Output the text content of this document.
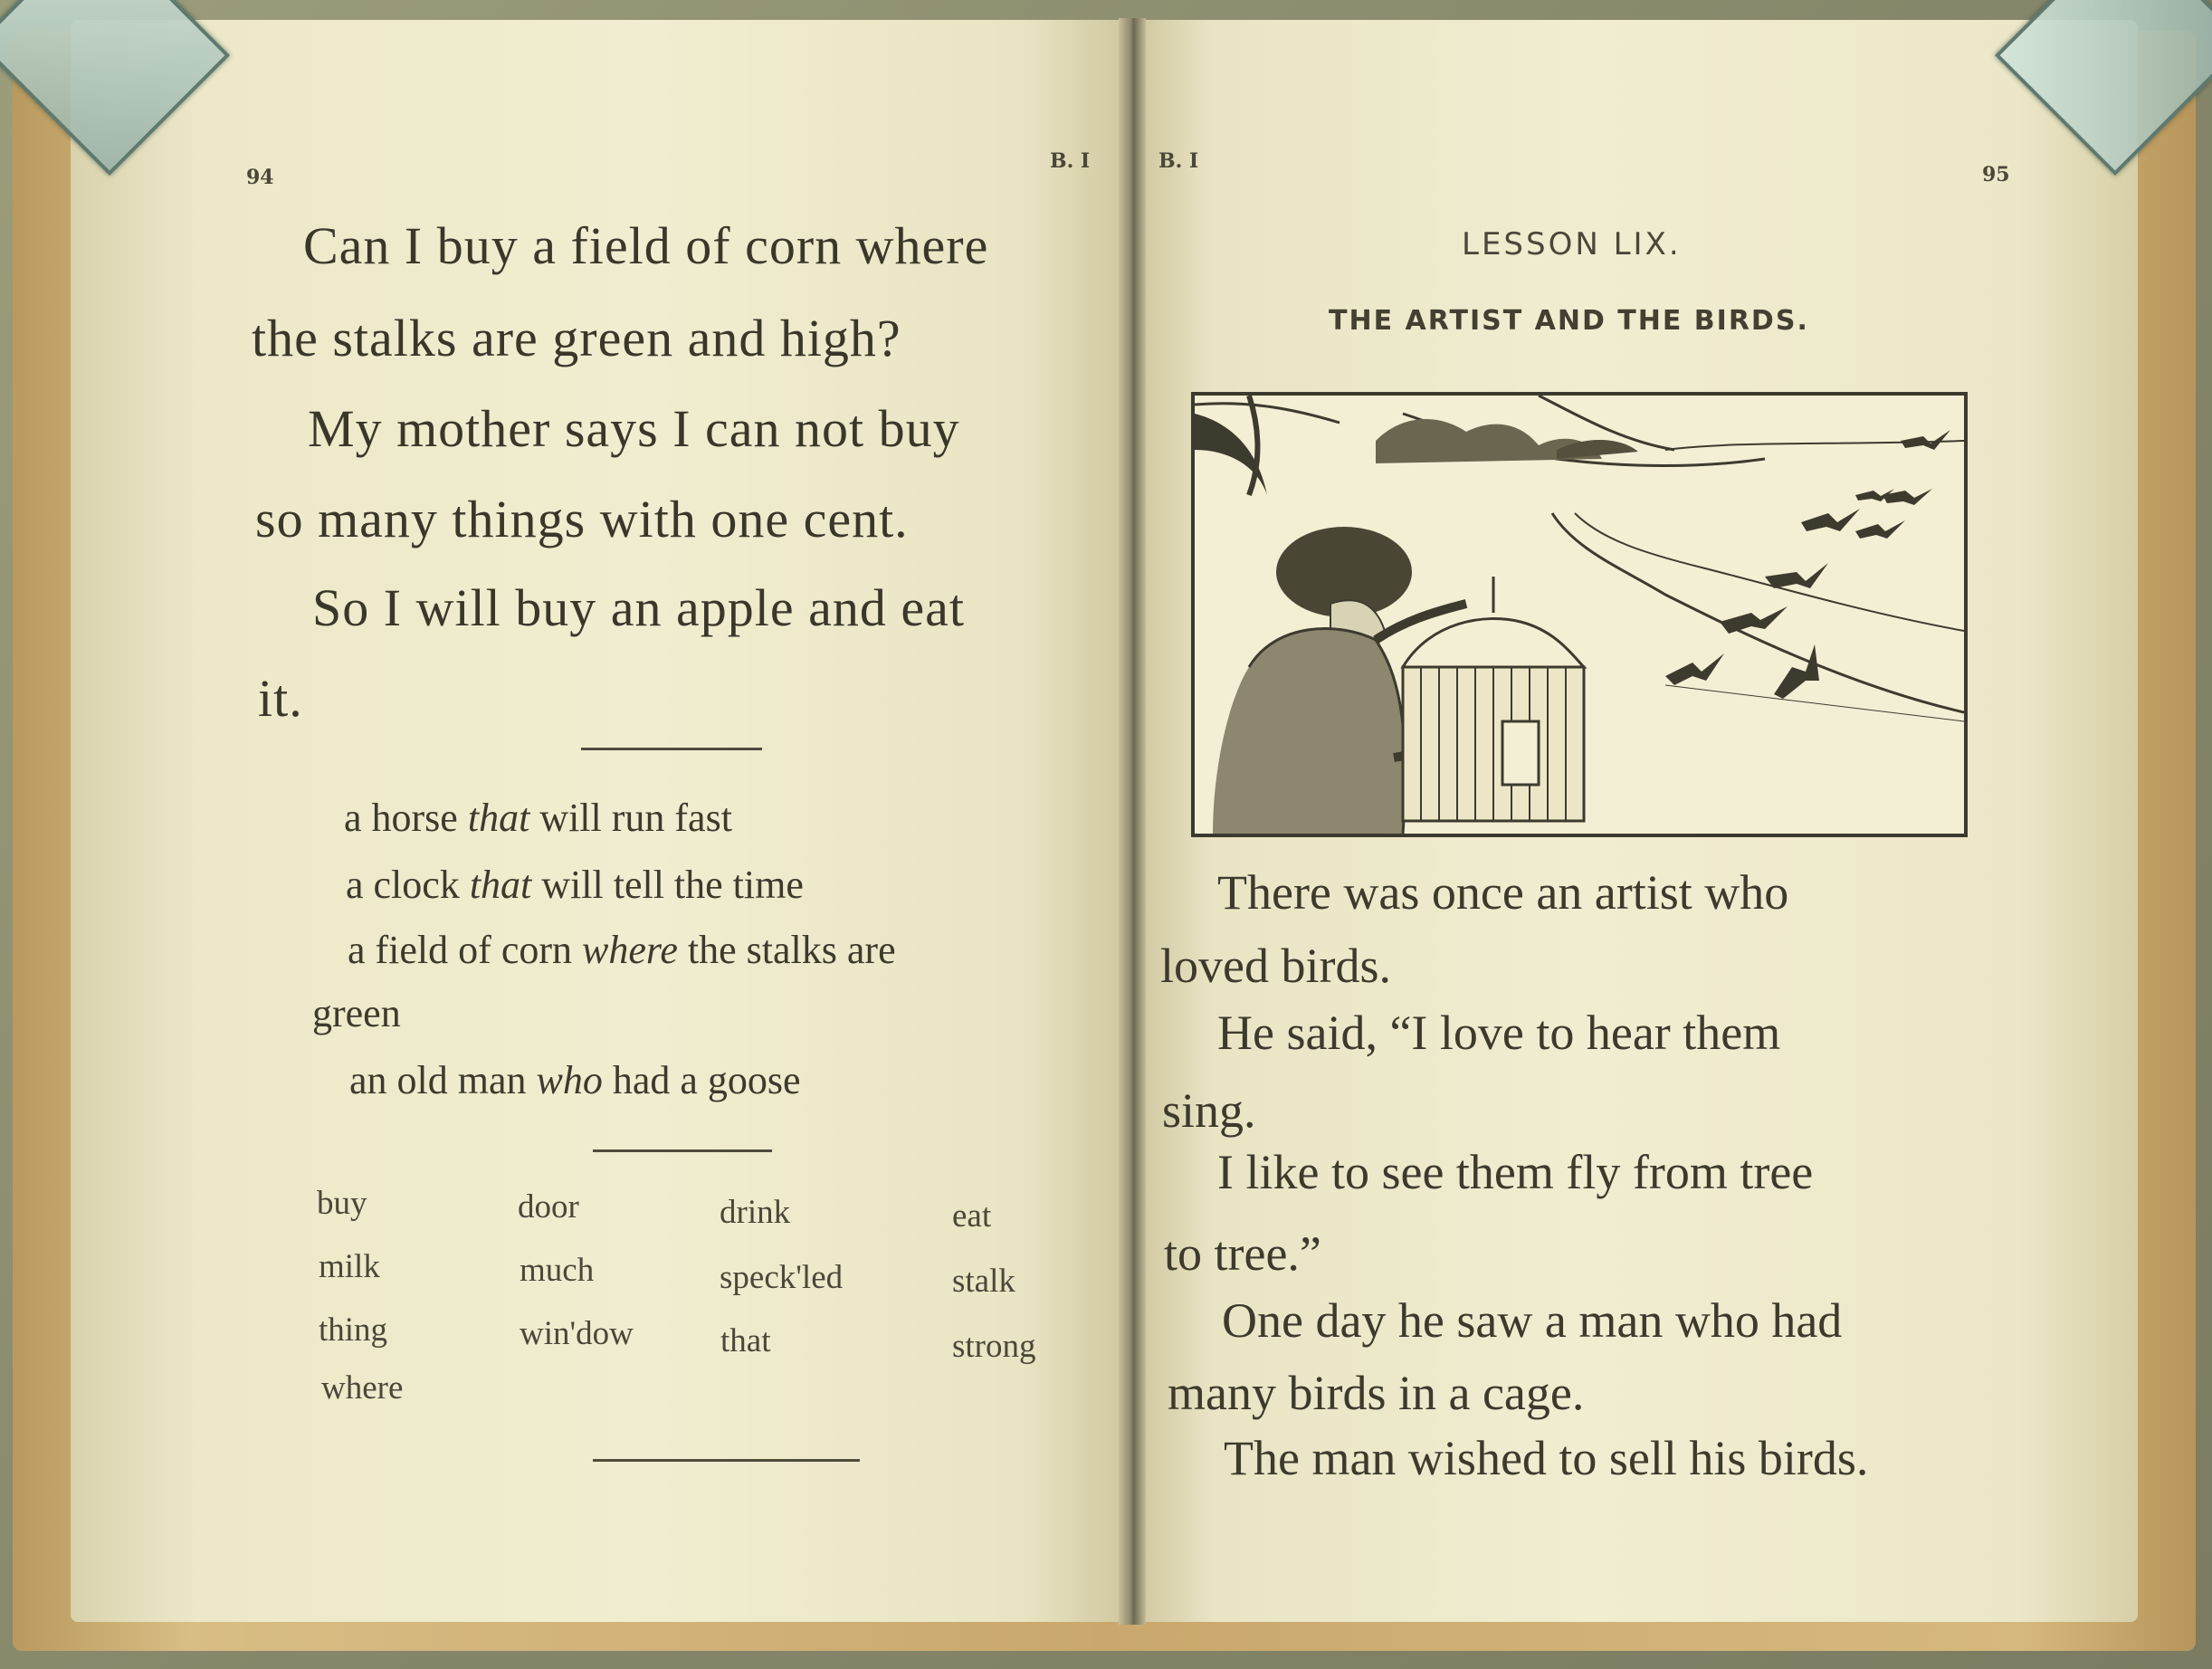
94
B. I
Can I buy a field of corn where
the stalks are green and high?
My mother says I can not buy
so many things with one cent.
So I will buy an apple and eat
it.
a horse that will run fast
a clock that will tell the time
a field of corn where the stalks are
green
an old man who had a goose
buy	door	drink	eat
milk	much	speck'led	stalk
thing	win'dow	that	strong
where
B. I
95
LESSON LIX.
THE ARTIST AND THE BIRDS.
There was once an artist who
loved birds.
He said, “I love to hear them
sing.
I like to see them fly from tree
to tree.”
One day he saw a man who had
many birds in a cage.
The man wished to sell his birds.
